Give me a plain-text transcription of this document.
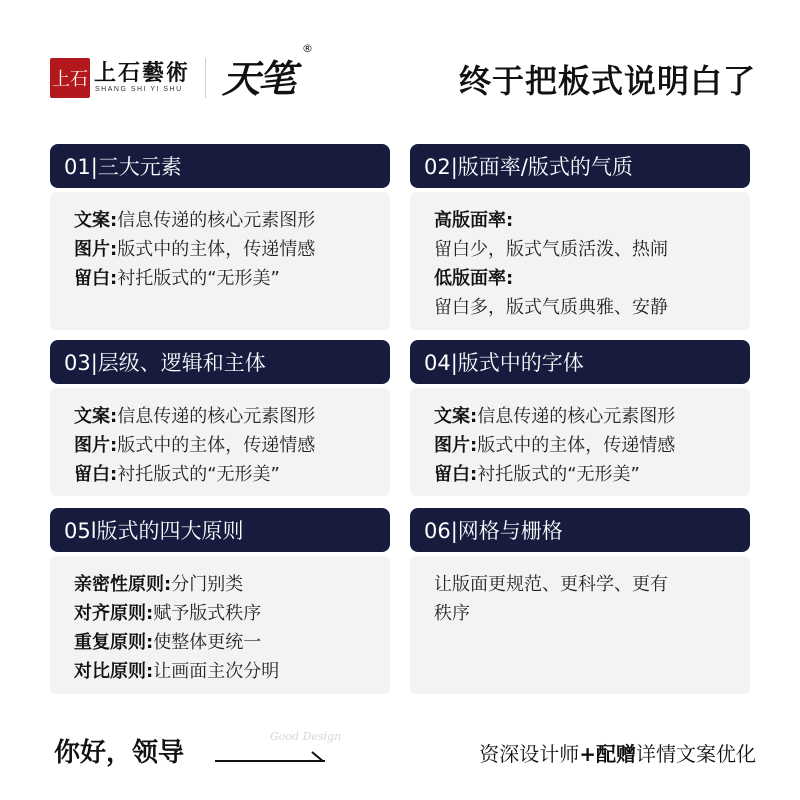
上石 上石藝術
SHANG SHI YI SHU 天笔
®
终于把板式说明白了
01|三大元素
文案:信息传递的核心元素图形
图片:版式中的主体，传递情感
留白:衬托版式的“无形美”
02|版面率/版式的气质
高版面率:
留白少，版式气质活泼、热闹
低版面率:
留白多，版式气质典雅、安静
03|层级、逻辑和主体
文案:信息传递的核心元素图形
图片:版式中的主体，传递情感
留白:衬托版式的“无形美”
04|版式中的字体
文案:信息传递的核心元素图形
图片:版式中的主体，传递情感
留白:衬托版式的“无形美”
05l版式的四大原则
亲密性原则:分门别类
对齐原则:赋予版式秩序
重复原则:使整体更统一
对比原则:让画面主次分明
06|网格与栅格
让版面更规范、更科学、更有
秩序
你好，领导
Good Design
资深设计师+配赠详情文案优化
